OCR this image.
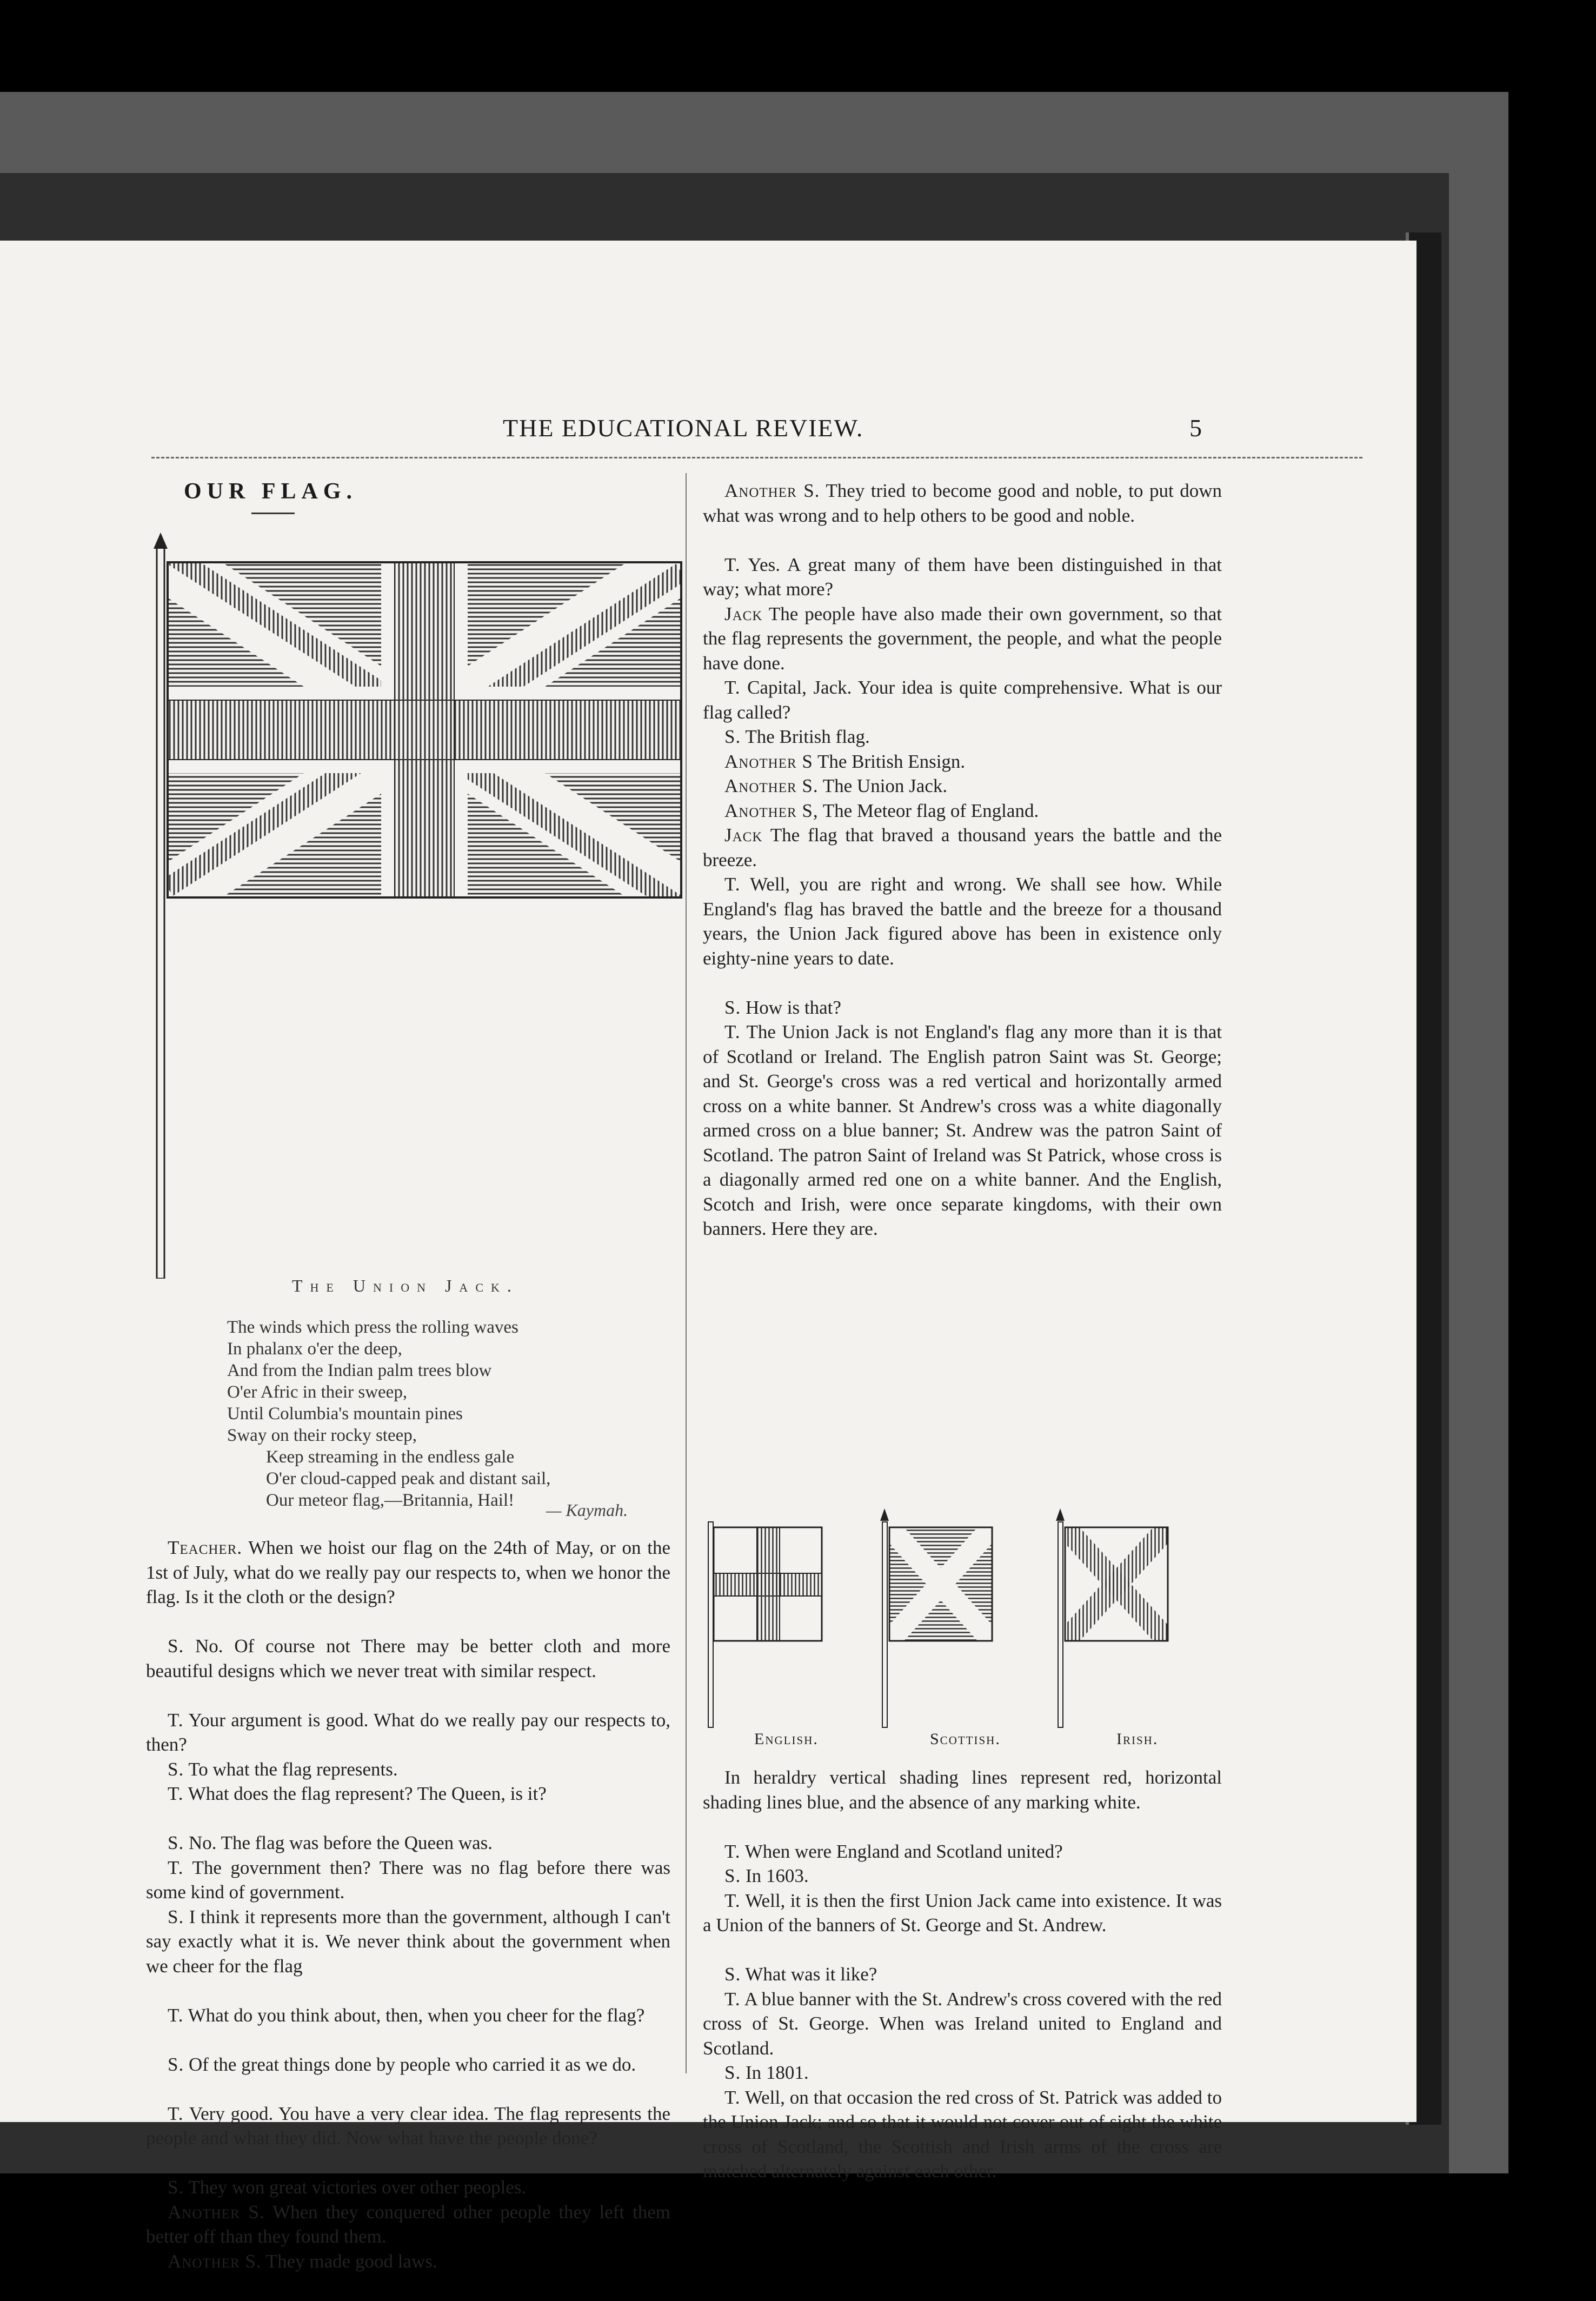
THE EDUCATIONAL REVIEW.	5
OUR FLAG.
The Union Jack.
The winds which press the rolling waves
In phalanx o'er the deep,
And from the Indian palm trees blow
O'er Afric in their sweep,
Until Columbia's mountain pines
Sway on their rocky steep,
Keep streaming in the endless gale
O'er cloud-capped peak and distant sail,
Our meteor flag,—Britannia, Hail!	— Kaymah.

Teacher. When we hoist our flag on the 24th of May, or on the 1st of July, what do we really pay our respects to, when we honor the flag. Is it the cloth or the design?

S. No. Of course not There may be better cloth and more beautiful designs which we never treat with similar respect.

T. Your argument is good. What do we really pay our respects to, then?

S. To what the flag represents.

T. What does the flag represent? The Queen, is it?

S. No. The flag was before the Queen was.

T. The government then? There was no flag before there was some kind of government.

S. I think it represents more than the government, although I can't say exactly what it is. We never think about the government when we cheer for the flag

T. What do you think about, then, when you cheer for the flag?

S. Of the great things done by people who carried it as we do.

T. Very good. You have a very clear idea. The flag represents the people and what they did. Now what have the people done?

S. They won great victories over other peoples.

Another S. When they conquered other people they left them better off than they found them.

Another S. They made good laws.

Another S. They tried to become good and noble, to put down what was wrong and to help others to be good and noble.

T. Yes. A great many of them have been distinguished in that way; what more?

Jack The people have also made their own government, so that the flag represents the government, the people, and what the people have done.

T. Capital, Jack. Your idea is quite comprehensive. What is our flag called?

S. The British flag.

Another S The British Ensign.

Another S. The Union Jack.

Another S, The Meteor flag of England.

Jack The flag that braved a thousand years the battle and the breeze.

T. Well, you are right and wrong. We shall see how. While England's flag has braved the battle and the breeze for a thousand years, the Union Jack figured above has been in existence only eighty-nine years to date.

S. How is that?

T. The Union Jack is not England's flag any more than it is that of Scotland or Ireland. The English patron Saint was St. George; and St. George's cross was a red vertical and horizontally armed cross on a white banner. St Andrew's cross was a white diagonally armed cross on a blue banner; St. Andrew was the patron Saint of Scotland. The patron Saint of Ireland was St Patrick, whose cross is a diagonally armed red one on a white banner. And the English, Scotch and Irish, were once separate kingdoms, with their own banners. Here they are.

English.	Scottish.	Irish.

In heraldry vertical shading lines represent red, horizontal shading lines blue, and the absence of any marking white.

T. When were England and Scotland united?

S. In 1603.

T. Well, it is then the first Union Jack came into existence. It was a Union of the banners of St. George and St. Andrew.

S. What was it like?

T. A blue banner with the St. Andrew's cross covered with the red cross of St. George. When was Ireland united to England and Scotland.

S. In 1801.

T. Well, on that occasion the red cross of St. Patrick was added to the Union Jack; and so that it would not cover out of sight the white cross of Scotland, the Scottish and Irish arms of the cross are matched alternately against each other.
